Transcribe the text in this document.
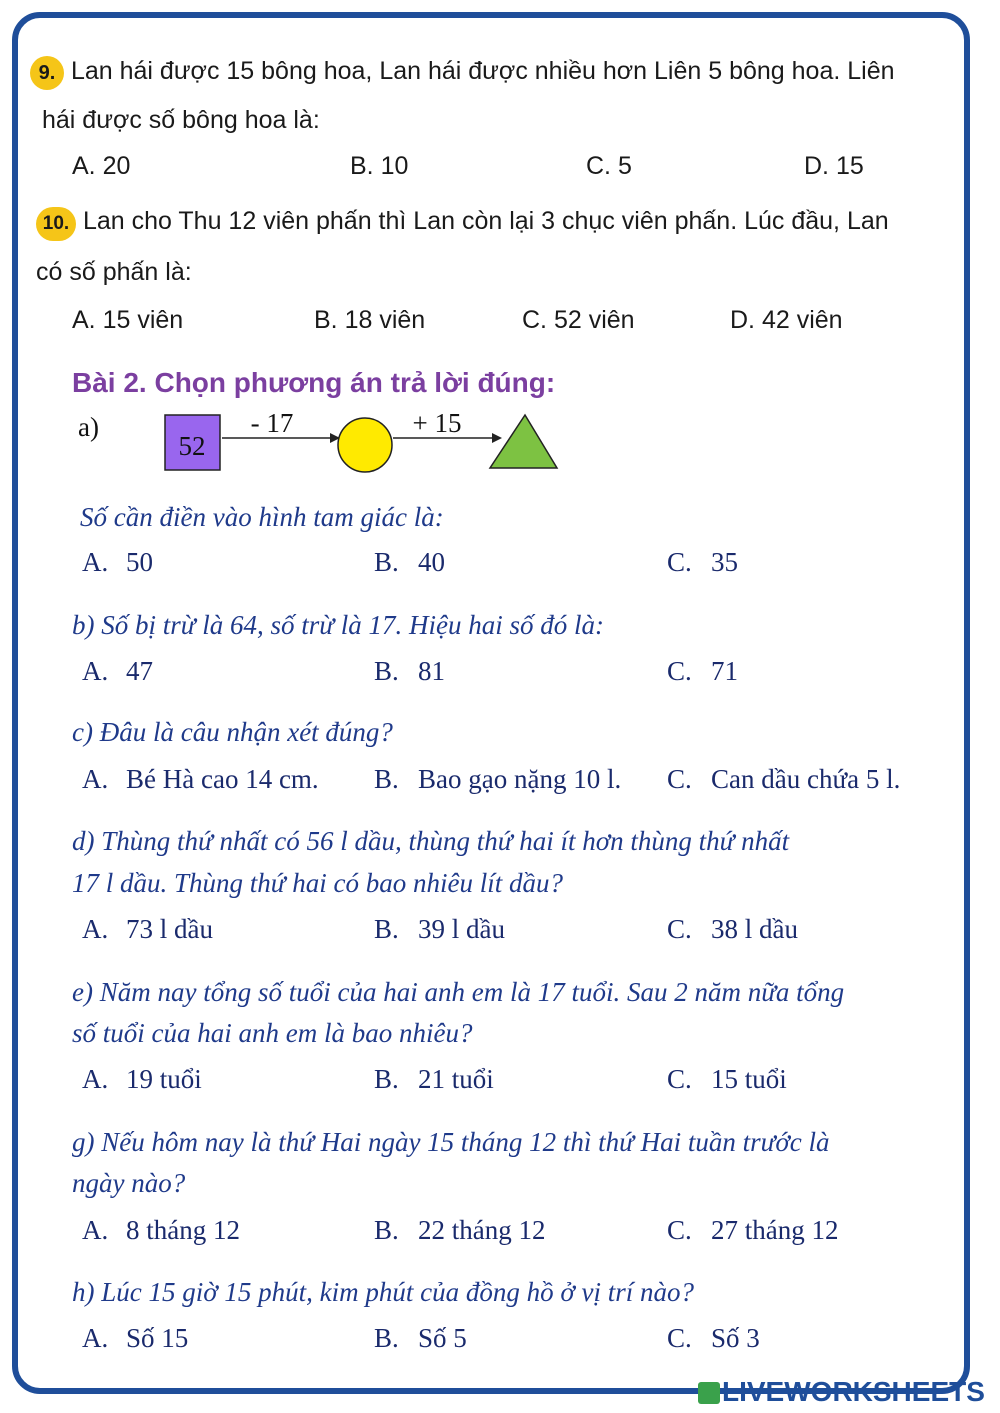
9. Lan hái được 15 bông hoa, Lan hái được nhiều hơn Liên 5 bông hoa. Liên
hái được số bông hoa là:
A. 20	B. 10	C. 5	D. 15
10. Lan cho Thu 12 viên phấn thì Lan còn lại 3 chục viên phấn. Lúc đầu, Lan
có số phấn là:
A. 15 viên	B. 18 viên	C. 52 viên	D. 42 viên
Bài 2. Chọn phương án trả lời đúng:
a)
52
- 17	+ 15
Số cần điền vào hình tam giác là:
A. 50	B. 40	C. 35
b) Số bị trừ là 64, số trừ là 17. Hiệu hai số đó là:
A. 47	B. 81	C. 71
c) Đâu là câu nhận xét đúng?
A. Bé Hà cao 14 cm. B. Bao gạo nặng 10 l. C. Can dầu chứa 5 l.
d) Thùng thứ nhất có 56 l dầu, thùng thứ hai ít hơn thùng thứ nhất
17 l dầu. Thùng thứ hai có bao nhiêu lít dầu?
A. 73 l dầu	B. 39 l dầu	C. 38 l dầu
e) Năm nay tổng số tuổi của hai anh em là 17 tuổi. Sau 2 năm nữa tổng
số tuổi của hai anh em là bao nhiêu?
A. 19 tuổi	B. 21 tuổi	C. 15 tuổi
g) Nếu hôm nay là thứ Hai ngày 15 tháng 12 thì thứ Hai tuần trước là
ngày nào?
A. 8 tháng 12	B. 22 tháng 12	C. 27 tháng 12
h) Lúc 15 giờ 15 phút, kim phút của đồng hồ ở vị trí nào?
A. Số 15	B. Số 5	C. Số 3
LIVEWORKSHEETS
